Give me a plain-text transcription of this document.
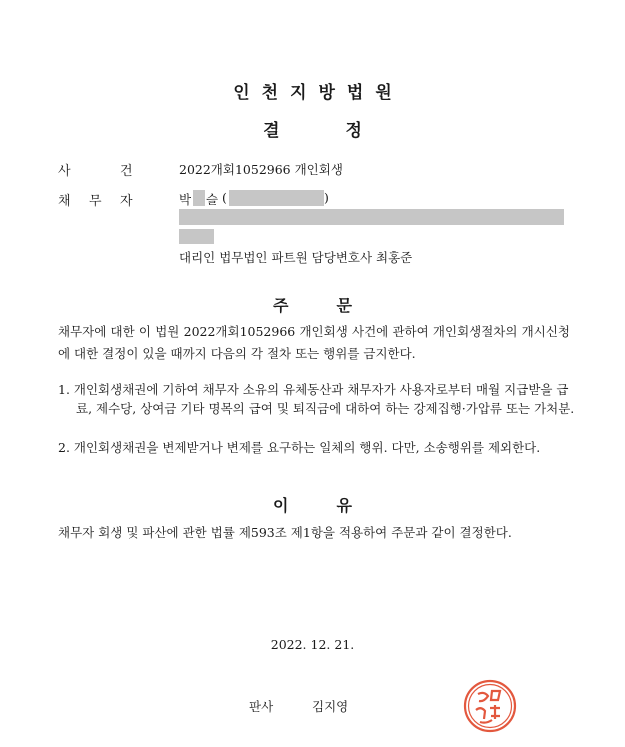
인천지방법원
결	정
사	건	2022개회1052966 개인회생
채 무 자	박 슬 (	)
대리인 법무법인 파트원 담당변호사 최홍준
주	문
채무자에 대한 이 법원 2022개회1052966 개인회생 사건에 관하여 개인회생절차의 개시신청에 대한 결정이 있을 때까지 다음의 각 절차 또는 행위를 금지한다.
1. 개인회생채권에 기하여 채무자 소유의 유체동산과 채무자가 사용자로부터 매월 지급받을 급료, 제수당, 상여금 기타 명목의 급여 및 퇴직금에 대하여 하는 강제집행·가압류 또는 가처분.
2. 개인회생채권을 변제받거나 변제를 요구하는 일체의 행위. 다만, 소송행위를 제외한다.
이	유
채무자 회생 및 파산에 관한 법률 제593조 제1항을 적용하여 주문과 같이 결정한다.
2022. 12. 21.
판사	김지영
